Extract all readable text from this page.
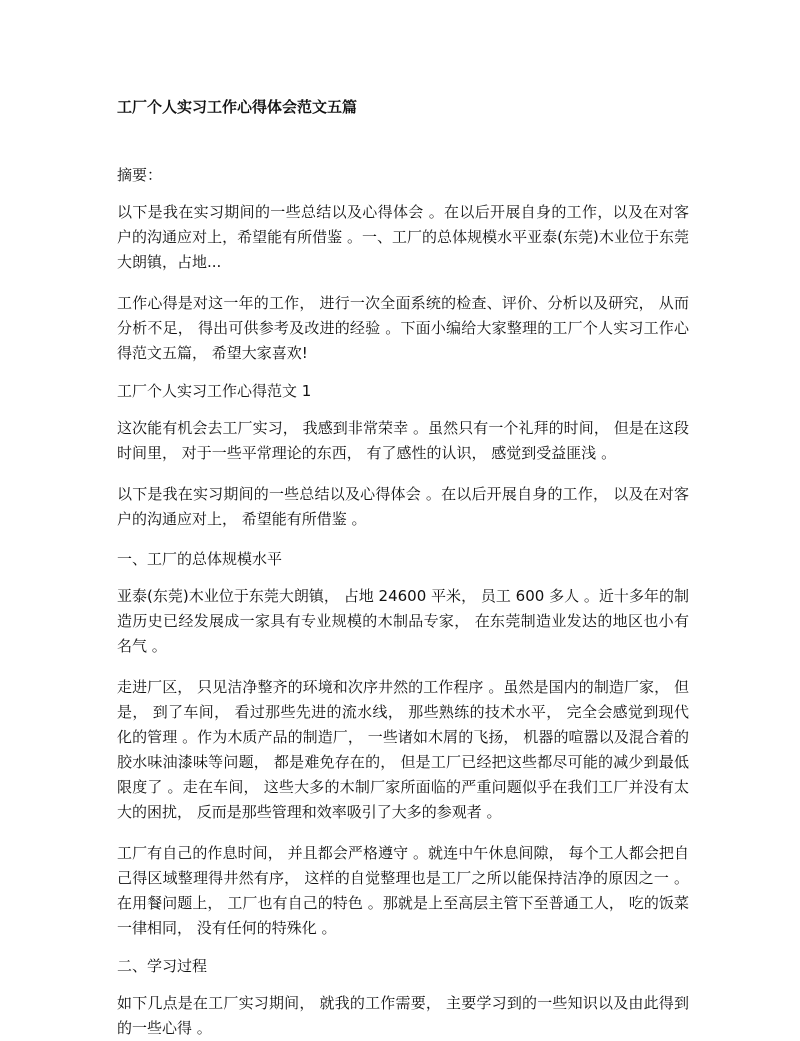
工厂个人实习工作心得体会范文五篇

摘要：

以下是我在实习期间的一些总结以及心得体会 。在以后开展自身的工作，以及在对客户的沟通应对上，希望能有所借鉴 。一、工厂的总体规模水平亚泰(东莞)木业位于东莞大朗镇，占地...

工作心得是对这一年的工作， 进行一次全面系统的检查、评价、分析以及研究， 从而分析不足， 得出可供参考及改进的经验 。下面小编给大家整理的工厂个人实习工作心得范文五篇， 希望大家喜欢!

工厂个人实习工作心得范文 1

这次能有机会去工厂实习， 我感到非常荣幸 。虽然只有一个礼拜的时间， 但是在这段时间里， 对于一些平常理论的东西， 有了感性的认识， 感觉到受益匪浅 。

以下是我在实习期间的一些总结以及心得体会 。在以后开展自身的工作， 以及在对客户的沟通应对上， 希望能有所借鉴 。

一、工厂的总体规模水平

亚泰(东莞)木业位于东莞大朗镇， 占地 24600 平米， 员工 600 多人 。近十多年的制造历史已经发展成一家具有专业规模的木制品专家， 在东莞制造业发达的地区也小有名气 。

走进厂区， 只见洁净整齐的环境和次序井然的工作程序 。虽然是国内的制造厂家， 但是， 到了车间， 看过那些先进的流水线， 那些熟练的技术水平， 完全会感觉到现代化的管理 。作为木质产品的制造厂， 一些诸如木屑的飞扬， 机器的喧嚣以及混合着的胶水味油漆味等问题， 都是难免存在的， 但是工厂已经把这些都尽可能的减少到最低限度了 。走在车间， 这些大多的木制厂家所面临的严重问题似乎在我们工厂并没有太大的困扰， 反而是那些管理和效率吸引了大多的参观者 。

工厂有自己的作息时间， 并且都会严格遵守 。就连中午休息间隙， 每个工人都会把自己得区域整理得井然有序， 这样的自觉整理也是工厂之所以能保持洁净的原因之一 。在用餐问题上， 工厂也有自己的特色 。那就是上至高层主管下至普通工人， 吃的饭菜一律相同， 没有任何的特殊化 。

二、学习过程

如下几点是在工厂实习期间， 就我的工作需要， 主要学习到的一些知识以及由此得到的一些心得 。
